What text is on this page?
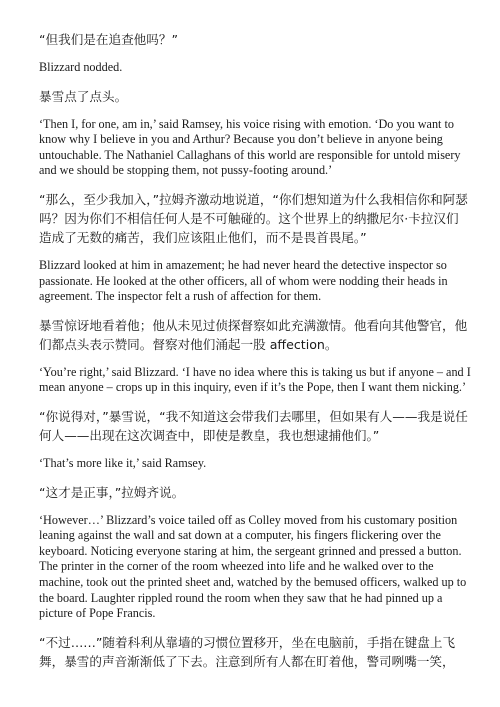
“但我们是在追查他吗？”

Blizzard nodded.

暴雪点了点头。

‘Then I, for one, am in,’ said Ramsey, his voice rising with emotion. ‘Do you want to know why I believe in you and Arthur? Because you don’t believe in anyone being untouchable. The Nathaniel Callaghans of this world are responsible for untold misery and we should be stopping them, not pussy-footing around.’

“那么，至少我加入，”拉姆齐激动地说道，“你们想知道为什么我相信你和阿瑟吗？因为你们不相信任何人是不可触碰的。这个世界上的纳撒尼尔·卡拉汉们造成了无数的痛苦，我们应该阻止他们，而不是畏首畏尾。”

Blizzard looked at him in amazement; he had never heard the detective inspector so passionate. He looked at the other officers, all of whom were nodding their heads in agreement. The inspector felt a rush of affection for them.

暴雪惊讶地看着他；他从未见过侦探督察如此充满激情。他看向其他警官，他们都点头表示赞同。督察对他们涌起一股 affection。

‘You’re right,’ said Blizzard. ‘I have no idea where this is taking us but if anyone – and I mean anyone – crops up in this inquiry, even if it’s the Pope, then I want them nicking.’

“你说得对，”暴雪说，“我不知道这会带我们去哪里，但如果有人——我是说任何人——出现在这次调查中，即使是教皇，我也想逮捕他们。”

‘That’s more like it,’ said Ramsey.

“这才是正事，”拉姆齐说。

‘However…’ Blizzard’s voice tailed off as Colley moved from his customary position leaning against the wall and sat down at a computer, his fingers flickering over the keyboard. Noticing everyone staring at him, the sergeant grinned and pressed a button. The printer in the corner of the room wheezed into life and he walked over to the machine, took out the printed sheet and, watched by the bemused officers, walked up to the board. Laughter rippled round the room when they saw that he had pinned up a picture of Pope Francis.

“不过……”随着科利从靠墙的习惯位置移开，坐在电脑前，手指在键盘上飞舞，暴雪的声音渐渐低了下去。注意到所有人都在盯着他，警司咧嘴一笑，
